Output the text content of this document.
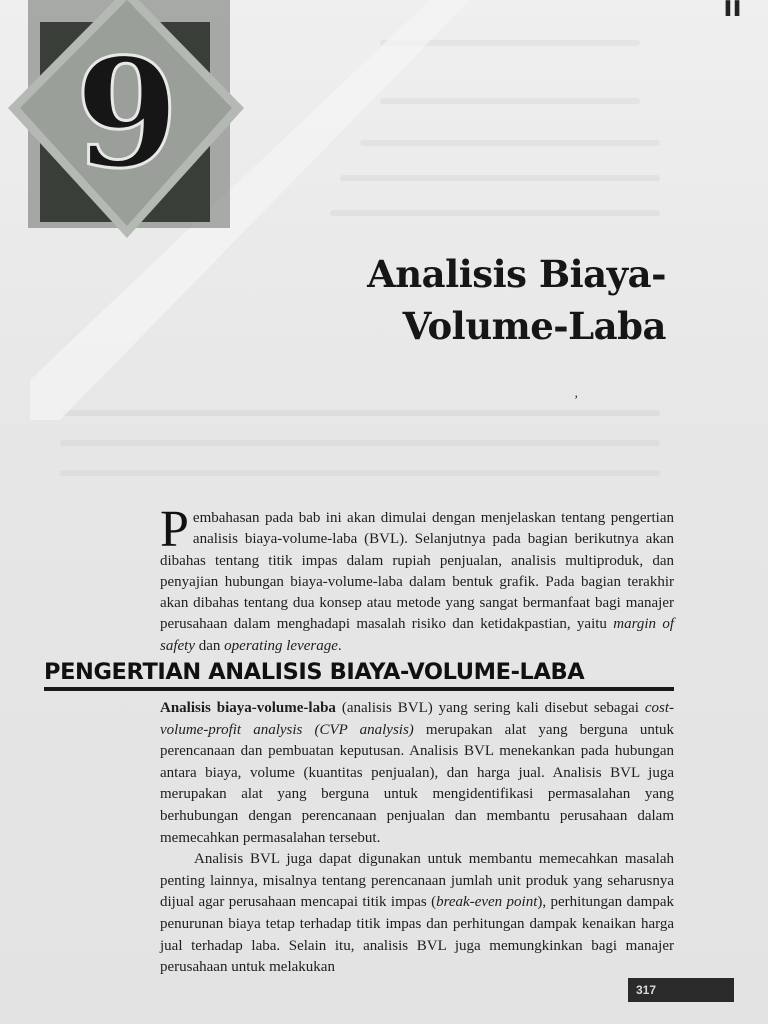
▌▌
ʼ
9
Analisis Biaya-
Volume-Laba
Pembahasan pada bab ini akan dimulai dengan menjelaskan tentang pengertian analisis biaya-volume-laba (BVL). Selanjutnya pada bagian berikutnya akan dibahas tentang titik impas dalam rupiah penjualan, analisis multiproduk, dan penyajian hubungan biaya-volume-laba dalam bentuk grafik. Pada bagian terakhir akan dibahas tentang dua konsep atau metode yang sangat bermanfaat bagi manajer perusahaan dalam menghadapi masalah risiko dan ketidakpastian, yaitu margin of safety dan operating leverage.
PENGERTIAN ANALISIS BIAYA-VOLUME-LABA

Analisis biaya-volume-laba (analisis BVL) yang sering kali disebut sebagai cost-volume-profit analysis (CVP analysis) merupakan alat yang berguna untuk perencanaan dan pembuatan keputusan. Analisis BVL menekankan pada hubungan antara biaya, volume (kuantitas penjualan), dan harga jual. Analisis BVL juga merupakan alat yang berguna untuk mengidentifikasi permasalahan yang berhubungan dengan perencanaan penjualan dan membantu perusahaan dalam memecahkan permasalahan tersebut.

Analisis BVL juga dapat digunakan untuk membantu memecahkan masalah penting lainnya, misalnya tentang perencanaan jumlah unit produk yang seharusnya dijual agar perusahaan mencapai titik impas (break-even point), perhitungan dampak penurunan biaya tetap terhadap titik impas dan perhitungan dampak kenaikan harga jual terhadap laba. Selain itu, analisis BVL juga memungkinkan bagi manajer perusahaan untuk melakukan

317
